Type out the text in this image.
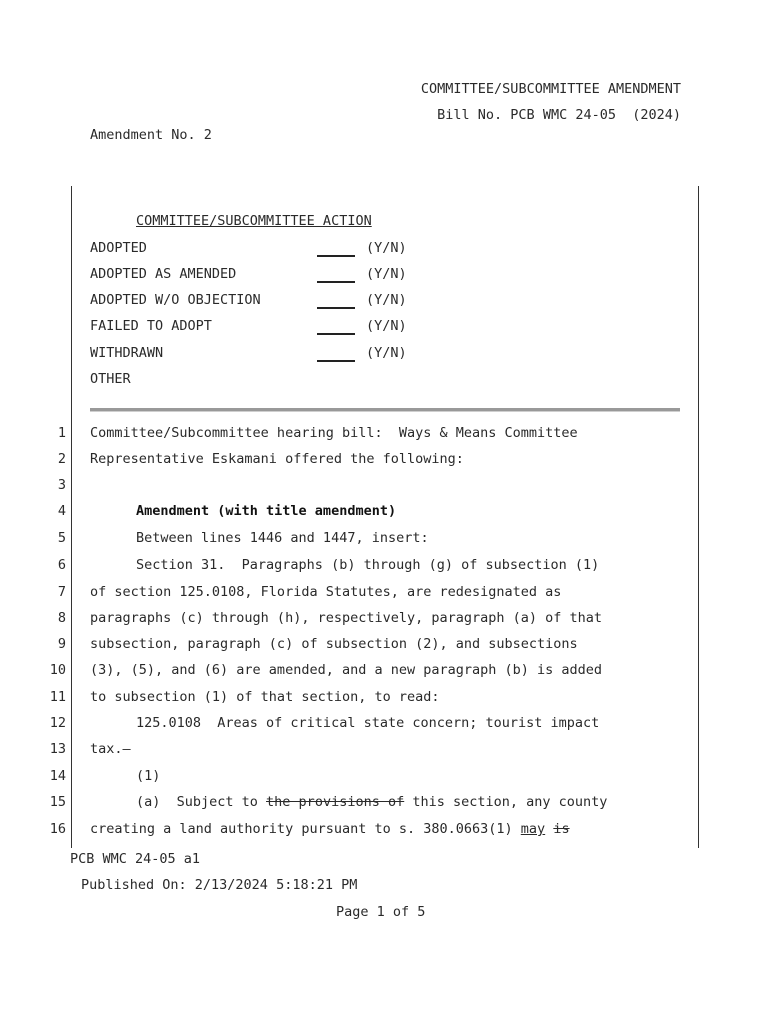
COMMITTEE/SUBCOMMITTEE AMENDMENT
Bill No. PCB WMC 24-05  (2024)
Amendment No. 2
COMMITTEE/SUBCOMMITTEE ACTION
ADOPTED	(Y/N)
ADOPTED AS AMENDED	(Y/N)
ADOPTED W/O OBJECTION	(Y/N)
FAILED TO ADOPT	(Y/N)
WITHDRAWN	(Y/N)
OTHER
1
2
3
4
5
6
7
8
9
10
11
12
13
14
15
16
Committee/Subcommittee hearing bill:  Ways & Means Committee
Representative Eskamani offered the following:
Amendment (with title amendment)
Between lines 1446 and 1447, insert:
Section 31.  Paragraphs (b) through (g) of subsection (1)
of section 125.0108, Florida Statutes, are redesignated as
paragraphs (c) through (h), respectively, paragraph (a) of that
subsection, paragraph (c) of subsection (2), and subsections
(3), (5), and (6) are amended, and a new paragraph (b) is added
to subsection (1) of that section, to read:
125.0108  Areas of critical state concern; tourist impact
tax.—
(1)
(a)  Subject to the provisions of this section, any county
creating a land authority pursuant to s. 380.0663(1) may is
PCB WMC 24-05 a1
Published On: 2/13/2024 5:18:21 PM
Page 1 of 5
